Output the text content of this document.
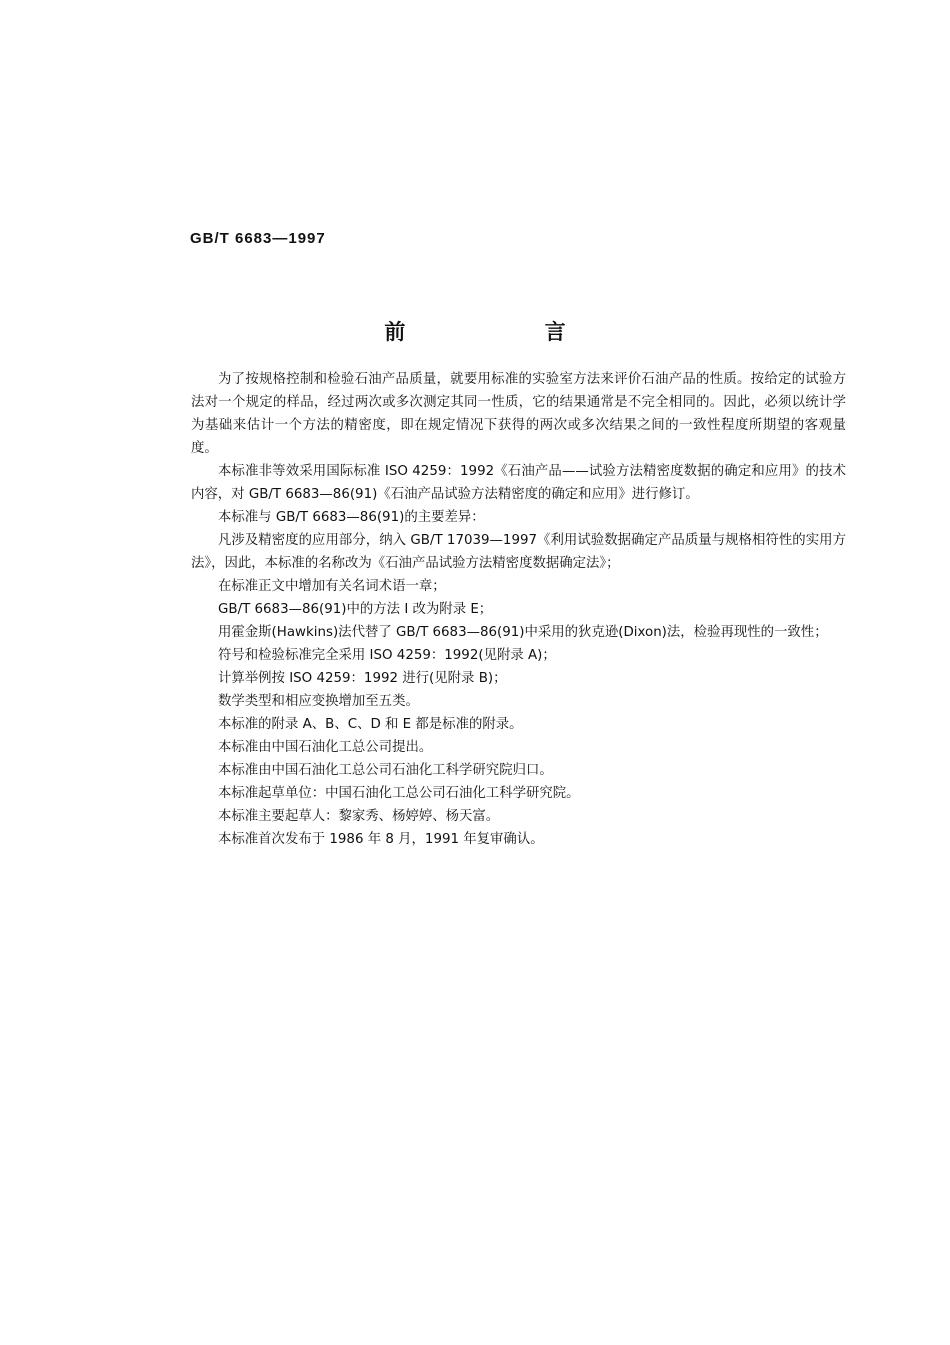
GB/T 6683—1997
前 言

为了按规格控制和检验石油产品质量，就要用标准的实验室方法来评价石油产品的性质。按给定的试验方法对一个规定的样品，经过两次或多次测定其同一性质，它的结果通常是不完全相同的。因此，必须以统计学为基础来估计一个方法的精密度，即在规定情况下获得的两次或多次结果之间的一致性程度所期望的客观量度。

本标准非等效采用国际标准 ISO 4259：1992《石油产品——试验方法精密度数据的确定和应用》的技术内容，对 GB/T 6683—86(91)《石油产品试验方法精密度的确定和应用》进行修订。

本标准与 GB/T 6683—86(91)的主要差异：

凡涉及精密度的应用部分，纳入 GB/T 17039—1997《利用试验数据确定产品质量与规格相符性的实用方法》，因此，本标准的名称改为《石油产品试验方法精密度数据确定法》；

在标准正文中增加有关名词术语一章；

GB/T 6683—86(91)中的方法 I 改为附录 E；

用霍金斯(Hawkins)法代替了 GB/T 6683—86(91)中采用的狄克逊(Dixon)法，检验再现性的一致性；

符号和检验标准完全采用 ISO 4259：1992(见附录 A)；

计算举例按 ISO 4259：1992 进行(见附录 B)；

数学类型和相应变换增加至五类。

本标准的附录 A、B、C、D 和 E 都是标准的附录。

本标准由中国石油化工总公司提出。

本标准由中国石油化工总公司石油化工科学研究院归口。

本标准起草单位：中国石油化工总公司石油化工科学研究院。

本标准主要起草人：黎家秀、杨婷婷、杨天富。

本标准首次发布于 1986 年 8 月，1991 年复审确认。
